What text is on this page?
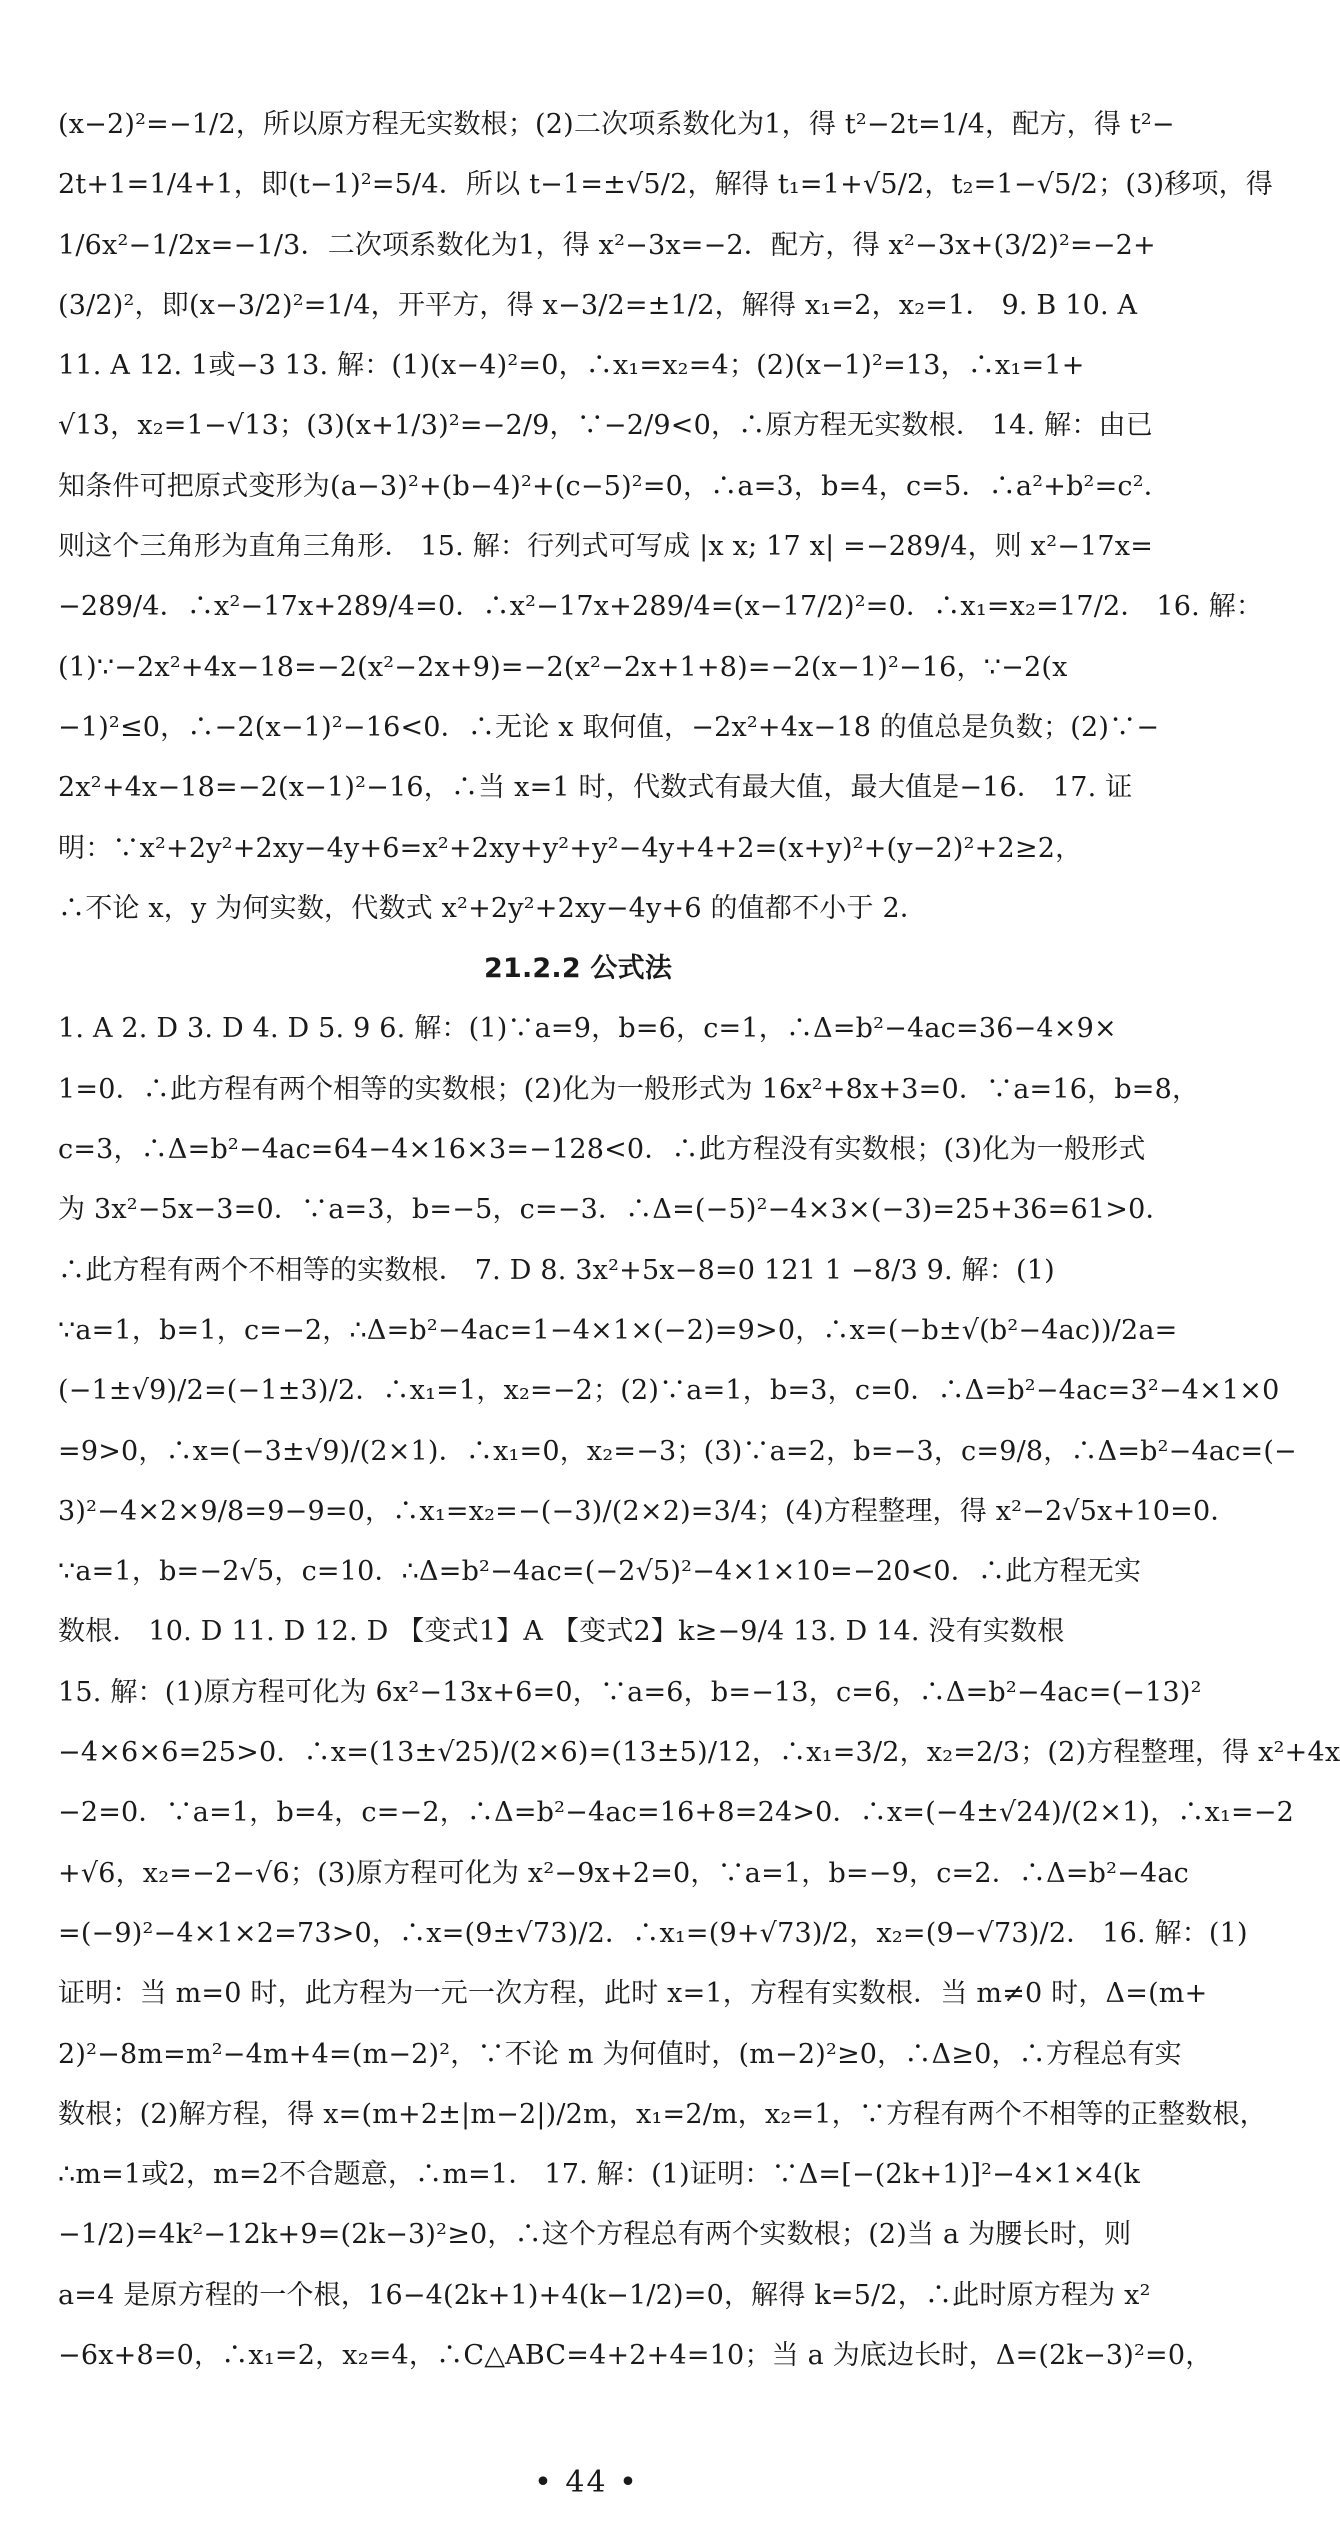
(x−2)²=−1/2，所以原方程无实数根；(2)二次项系数化为1，得 t²−2t=1/4，配方，得 t²−
2t+1=1/4+1，即(t−1)²=5/4．所以 t−1=±√5/2，解得 t₁=1+√5/2，t₂=1−√5/2；(3)移项，得
1/6x²−1/2x=−1/3．二次项系数化为1，得 x²−3x=−2．配方，得 x²−3x+(3/2)²=−2+
(3/2)²，即(x−3/2)²=1/4，开平方，得 x−3/2=±1/2，解得 x₁=2，x₂=1． 9. B 10. A
11. A 12. 1或−3 13. 解：(1)(x−4)²=0，∴x₁=x₂=4；(2)(x−1)²=13，∴x₁=1+
√13，x₂=1−√13；(3)(x+1/3)²=−2/9，∵−2/9<0，∴原方程无实数根． 14. 解：由已
知条件可把原式变形为(a−3)²+(b−4)²+(c−5)²=0，∴a=3，b=4，c=5．∴a²+b²=c²．
则这个三角形为直角三角形． 15. 解：行列式可写成 |x x; 17 x| =−289/4，则 x²−17x=
−289/4．∴x²−17x+289/4=0．∴x²−17x+289/4=(x−17/2)²=0．∴x₁=x₂=17/2． 16. 解：
(1)∵−2x²+4x−18=−2(x²−2x+9)=−2(x²−2x+1+8)=−2(x−1)²−16，∵−2(x
−1)²≤0，∴−2(x−1)²−16<0．∴无论 x 取何值，−2x²+4x−18 的值总是负数；(2)∵−
2x²+4x−18=−2(x−1)²−16，∴当 x=1 时，代数式有最大值，最大值是−16． 17. 证
明：∵x²+2y²+2xy−4y+6=x²+2xy+y²+y²−4y+4+2=(x+y)²+(y−2)²+2≥2，
∴不论 x，y 为何实数，代数式 x²+2y²+2xy−4y+6 的值都不小于 2．
21.2.2 公式法
1. A 2. D 3. D 4. D 5. 9 6. 解：(1)∵a=9，b=6，c=1，∴Δ=b²−4ac=36−4×9×
1=0．∴此方程有两个相等的实数根；(2)化为一般形式为 16x²+8x+3=0．∵a=16，b=8，
c=3，∴Δ=b²−4ac=64−4×16×3=−128<0．∴此方程没有实数根；(3)化为一般形式
为 3x²−5x−3=0．∵a=3，b=−5，c=−3．∴Δ=(−5)²−4×3×(−3)=25+36=61>0．
∴此方程有两个不相等的实数根． 7. D 8. 3x²+5x−8=0 121 1 −8/3 9. 解：(1)
∵a=1，b=1，c=−2，∴Δ=b²−4ac=1−4×1×(−2)=9>0，∴x=(−b±√(b²−4ac))/2a=
(−1±√9)/2=(−1±3)/2．∴x₁=1，x₂=−2；(2)∵a=1，b=3，c=0．∴Δ=b²−4ac=3²−4×1×0
=9>0，∴x=(−3±√9)/(2×1)．∴x₁=0，x₂=−3；(3)∵a=2，b=−3，c=9/8，∴Δ=b²−4ac=(−
3)²−4×2×9/8=9−9=0，∴x₁=x₂=−(−3)/(2×2)=3/4；(4)方程整理，得 x²−2√5x+10=0．
∵a=1，b=−2√5，c=10．∴Δ=b²−4ac=(−2√5)²−4×1×10=−20<0．∴此方程无实
数根． 10. D 11. D 12. D 【变式1】A 【变式2】k≥−9/4 13. D 14. 没有实数根
15. 解：(1)原方程可化为 6x²−13x+6=0，∵a=6，b=−13，c=6，∴Δ=b²−4ac=(−13)²
−4×6×6=25>0．∴x=(13±√25)/(2×6)=(13±5)/12，∴x₁=3/2，x₂=2/3；(2)方程整理，得 x²+4x
−2=0．∵a=1，b=4，c=−2，∴Δ=b²−4ac=16+8=24>0．∴x=(−4±√24)/(2×1)，∴x₁=−2
+√6，x₂=−2−√6；(3)原方程可化为 x²−9x+2=0，∵a=1，b=−9，c=2．∴Δ=b²−4ac
=(−9)²−4×1×2=73>0，∴x=(9±√73)/2．∴x₁=(9+√73)/2，x₂=(9−√73)/2． 16. 解：(1)
证明：当 m=0 时，此方程为一元一次方程，此时 x=1，方程有实数根．当 m≠0 时，Δ=(m+
2)²−8m=m²−4m+4=(m−2)²，∵不论 m 为何值时，(m−2)²≥0，∴Δ≥0，∴方程总有实
数根；(2)解方程，得 x=(m+2±|m−2|)/2m，x₁=2/m，x₂=1，∵方程有两个不相等的正整数根，
∴m=1或2，m=2不合题意，∴m=1． 17. 解：(1)证明：∵Δ=[−(2k+1)]²−4×1×4(k
−1/2)=4k²−12k+9=(2k−3)²≥0，∴这个方程总有两个实数根；(2)当 a 为腰长时，则
a=4 是原方程的一个根，16−4(2k+1)+4(k−1/2)=0，解得 k=5/2，∴此时原方程为 x²
−6x+8=0，∴x₁=2，x₂=4，∴C△ABC=4+2+4=10；当 a 为底边长时，Δ=(2k−3)²=0，
• 44 •
